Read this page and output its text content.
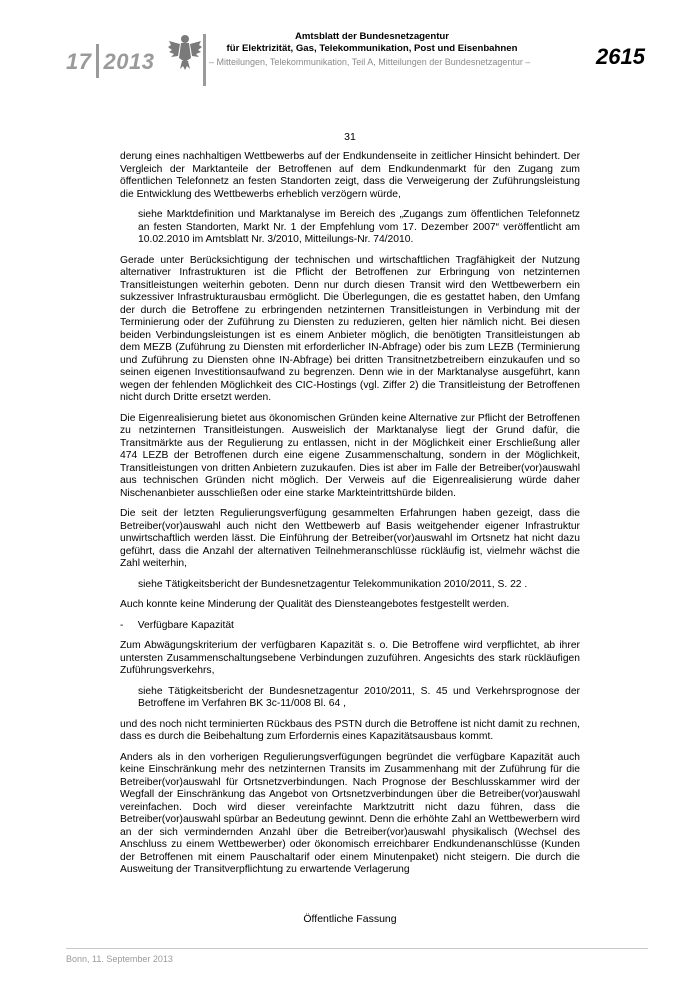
17 2013
Amtsblatt der Bundesnetzagentur
für Elektrizität, Gas, Telekommunikation, Post und Eisenbahnen
– Mitteilungen, Telekommunikation, Teil A, Mitteilungen der Bundesnetzagentur –	2615
31

derung eines nachhaltigen Wettbewerbs auf der Endkundenseite in zeitlicher Hinsicht behindert. Der Vergleich der Marktanteile der Betroffenen auf dem Endkundenmarkt für den Zugang zum öffentlichen Telefonnetz an festen Standorten zeigt, dass die Verweigerung der Zuführungsleistung die Entwicklung des Wettbewerbs erheblich verzögern würde,

siehe Marktdefinition und Marktanalyse im Bereich des „Zugangs zum öffentlichen Telefonnetz an festen Standorten, Markt Nr. 1 der Empfehlung vom 17. Dezember 2007“ veröffentlicht am 10.02.2010 im Amtsblatt Nr. 3/2010, Mitteilungs-Nr. 74/2010.

Gerade unter Berücksichtigung der technischen und wirtschaftlichen Tragfähigkeit der Nutzung alternativer Infrastrukturen ist die Pflicht der Betroffenen zur Erbringung von netzinternen Transitleistungen weiterhin geboten. Denn nur durch diesen Transit wird den Wettbewerbern ein sukzessiver Infrastrukturausbau ermöglicht. Die Überlegungen, die es gestattet haben, den Umfang der durch die Betroffene zu erbringenden netzinternen Transitleistungen in Verbindung mit der Terminierung oder der Zuführung zu Diensten zu reduzieren, gelten hier nämlich nicht. Bei diesen beiden Verbindungsleistungen ist es einem Anbieter möglich, die benötigten Transitleistungen ab dem MEZB (Zuführung zu Diensten mit erforderlicher IN-Abfrage) oder bis zum LEZB (Terminierung und Zuführung zu Diensten ohne IN-Abfrage) bei dritten Transitnetzbetreibern einzukaufen und so seinen eigenen Investitionsaufwand zu begrenzen. Denn wie in der Marktanalyse ausgeführt, kann wegen der fehlenden Möglichkeit des CIC-Hostings (vgl. Ziffer 2) die Transitleistung der Betroffenen nicht durch Dritte ersetzt werden.

Die Eigenrealisierung bietet aus ökonomischen Gründen keine Alternative zur Pflicht der Betroffenen zu netzinternen Transitleistungen. Ausweislich der Marktanalyse liegt der Grund dafür, die Transitmärkte aus der Regulierung zu entlassen, nicht in der Möglichkeit einer Erschließung aller 474 LEZB der Betroffenen durch eine eigene Zusammenschaltung, sondern in der Möglichkeit, Transitleistungen von dritten Anbietern zuzukaufen. Dies ist aber im Falle der Betreiber(vor)auswahl aus technischen Gründen nicht möglich. Der Verweis auf die Eigenrealisierung würde daher Nischenanbieter ausschließen oder eine starke Markteintrittshürde bilden.

Die seit der letzten Regulierungsverfügung gesammelten Erfahrungen haben gezeigt, dass die Betreiber(vor)auswahl auch nicht den Wettbewerb auf Basis weitgehender eigener Infrastruktur unwirtschaftlich werden lässt. Die Einführung der Betreiber(vor)auswahl im Ortsnetz hat nicht dazu geführt, dass die Anzahl der alternativen Teilnehmeranschlüsse rückläufig ist, vielmehr wächst die Zahl weiterhin,

siehe Tätigkeitsbericht der Bundesnetzagentur Telekommunikation 2010/2011, S. 22 .

Auch konnte keine Minderung der Qualität des Diensteangebotes festgestellt werden.

-     Verfügbare Kapazität

Zum Abwägungskriterium der verfügbaren Kapazität s. o. Die Betroffene wird verpflichtet, ab ihrer untersten Zusammenschaltungsebene Verbindungen zuzuführen. Angesichts des stark rückläufigen Zuführungsverkehrs,

siehe Tätigkeitsbericht der Bundesnetzagentur 2010/2011, S. 45 und Verkehrsprognose der Betroffene im Verfahren BK 3c-11/008 Bl. 64 ,

und des noch nicht terminierten Rückbaus des PSTN durch die Betroffene ist nicht damit zu rechnen, dass es durch die Beibehaltung zum Erfordernis eines Kapazitätsausbaus kommt.

Anders als in den vorherigen Regulierungsverfügungen begründet die verfügbare Kapazität auch keine Einschränkung mehr des netzinternen Transits im Zusammenhang mit der Zuführung für die Betreiber(vor)auswahl für Ortsnetzverbindungen. Nach Prognose der Beschlusskammer wird der Wegfall der Einschränkung das Angebot von Ortsnetzverbindungen über die Betreiber(vor)auswahl vereinfachen. Doch wird dieser vereinfachte Marktzutritt nicht dazu führen, dass die Betreiber(vor)auswahl spürbar an Bedeutung gewinnt. Denn die erhöhte Zahl an Wettbewerbern wird an der sich vermindernden Anzahl über die Betreiber(vor)auswahl physikalisch (Wechsel des Anschluss zu einem Wettbewerber) oder ökonomisch erreichbarer Endkundenanschlüsse (Kunden der Betroffenen mit einem Pauschaltarif oder einem Minutenpaket) nicht steigern. Die durch die Ausweitung der Transitverpflichtung zu erwartende Verlagerung

Öffentliche Fassung
Bonn, 11. September 2013
